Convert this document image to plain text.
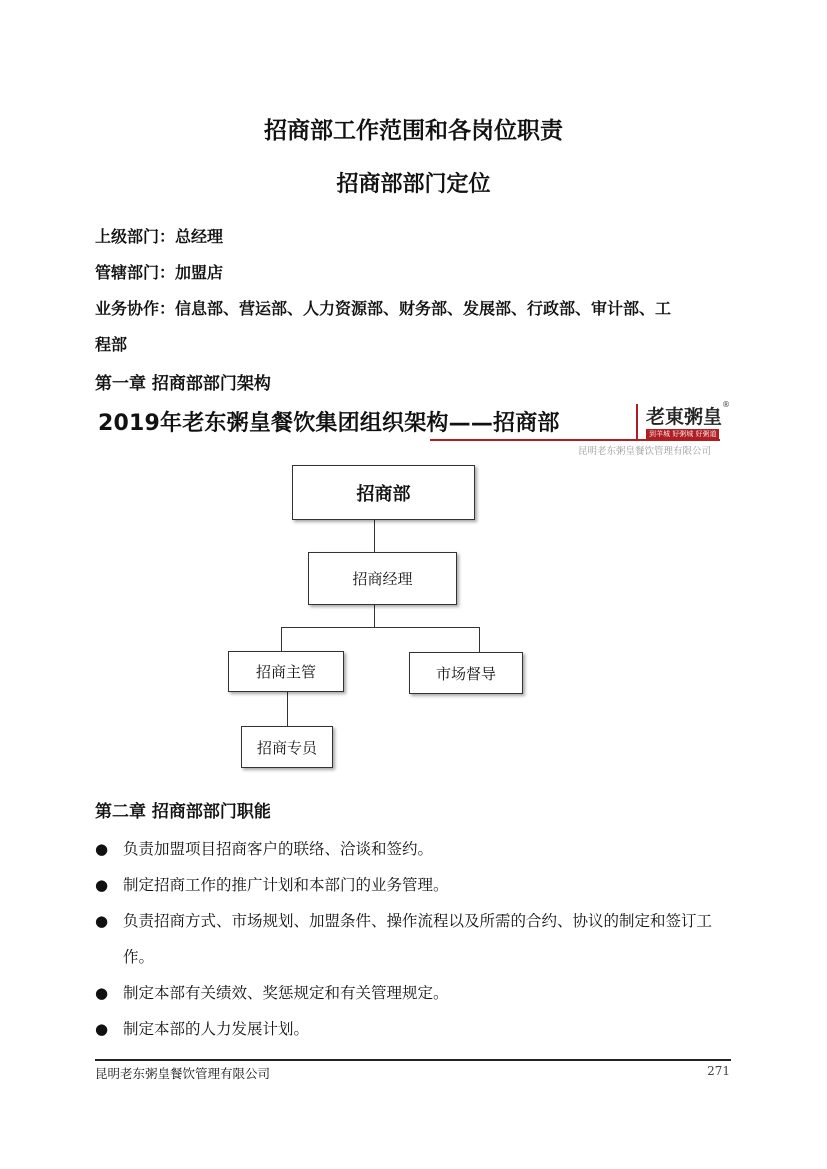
招商部工作范围和各岗位职责
招商部部门定位
上级部门：总经理
管辖部门：加盟店
业务协作：信息部、营运部、人力资源部、财务部、发展部、行政部、审计部、工
程部
第一章 招商部部门架构
2019年老东粥皇餐饮集团组织架构——招商部	老東粥皇
®
到羊城 好粥城 好粥道
昆明老东粥皇餐饮管理有限公司
招商部
招商经理
招商主管	市场督导
招商专员
第二章 招商部部门职能
● 负责加盟项目招商客户的联络、洽谈和签约。
● 制定招商工作的推广计划和本部门的业务管理。
● 负责招商方式、市场规划、加盟条件、操作流程以及所需的合约、协议的制定和签订工作。
● 制定本部有关绩效、奖惩规定和有关管理规定。
● 制定本部的人力发展计划。
昆明老东粥皇餐饮管理有限公司	271
